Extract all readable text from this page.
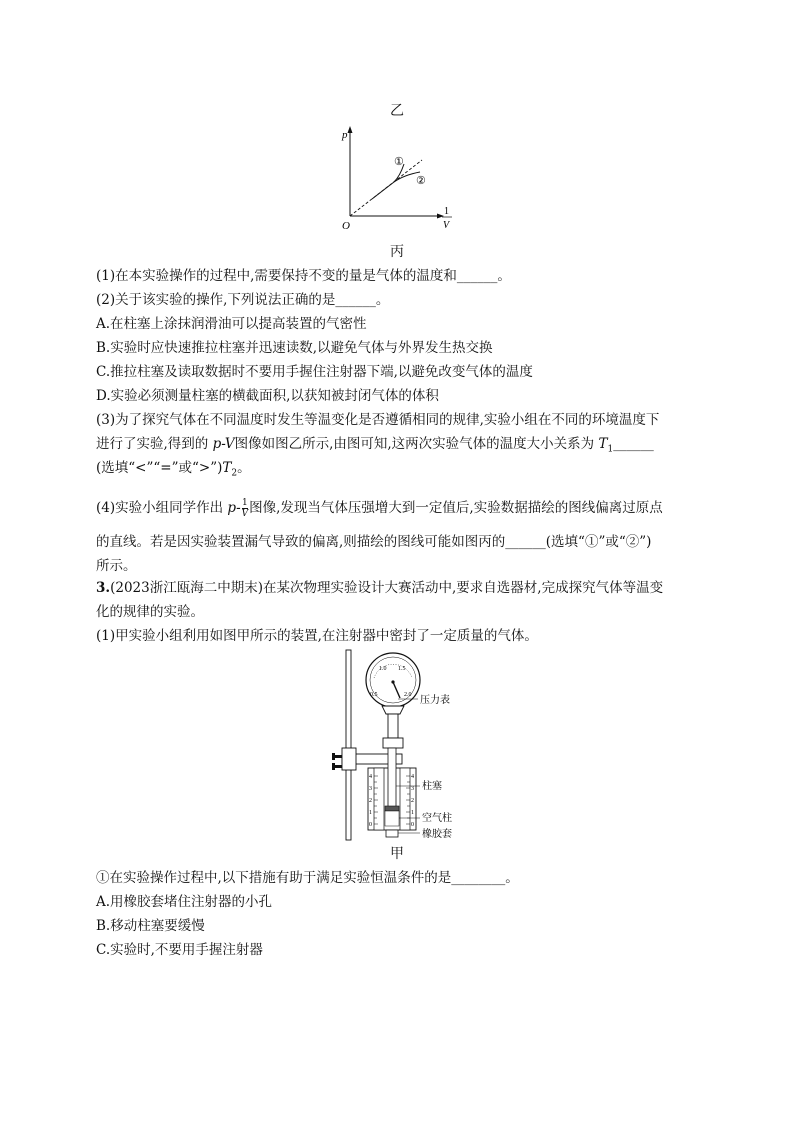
乙
p
O
1
V
①
②
丙
(1)在本实验操作的过程中,需要保持不变的量是气体的温度和______。
(2)关于该实验的操作,下列说法正确的是______。
A.在柱塞上涂抹润滑油可以提高装置的气密性
B.实验时应快速推拉柱塞并迅速读数,以避免气体与外界发生热交换
C.推拉柱塞及读取数据时不要用手握住注射器下端,以避免改变气体的温度
D.实验必须测量柱塞的横截面积,以获知被封闭气体的体积
(3)为了探究气体在不同温度时发生等温变化是否遵循相同的规律,实验小组在不同的环境温度下
进行了实验,得到的 p-V图像如图乙所示,由图可知,这两次实验气体的温度大小关系为 $T_1\_\_\_\_\_\_$
(选填“<”“=”或“$>”)T_2$。
(4)实验小组同学作出 $p- \frac{1}{V}$ 图像,发现当气体压强增大到一定值后,实验数据描绘的图线偏离过原点
的直线。若是因实验装置漏气导致的偏离,则描绘的图线可能如图丙的______(选填“①”或“②”)
所示。
3.(2023浙江瓯海二中期末)在某次物理实验设计大赛活动中,要求自选器材,完成探究气体等温变
化的规律的实验。
(1)甲实验小组利用如图甲所示的装置,在注射器中密封了一定质量的气体。
0.5
1.0 1.5
2.0
4
3
2
1
0
4
3
2
1
0
压力表
柱塞
空气柱
橡胶套
甲
①在实验操作过程中,以下措施有助于满足实验恒温条件的是________。
A.用橡胶套堵住注射器的小孔
B.移动柱塞要缓慢
C.实验时,不要用手握注射器
